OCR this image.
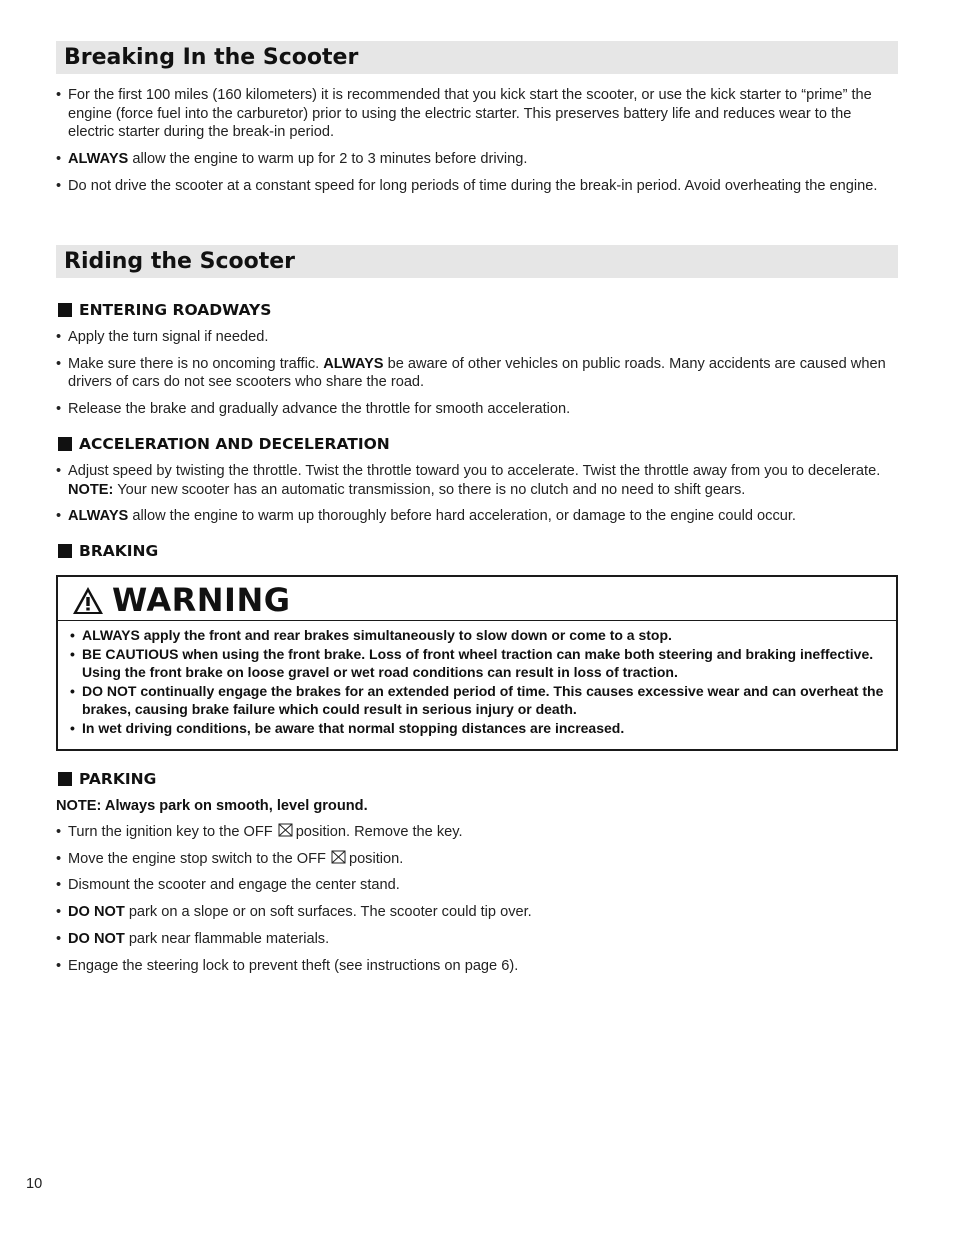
Breaking In the Scooter

• For the first 100 miles (160 kilometers) it is recommended that you kick start the scooter, or use the kick starter to “prime” the engine (force fuel into the carburetor) prior to using the electric starter. This preserves battery life and reduces wear to the electric starter during the break-in period.

• ALWAYS allow the engine to warm up for 2 to 3 minutes before driving.

• Do not drive the scooter at a constant speed for long periods of time during the break-in period. Avoid overheating the engine.

Riding the Scooter
ENTERING ROADWAYS

• Apply the turn signal if needed.

• Make sure there is no oncoming traffic. ALWAYS be aware of other vehicles on public roads. Many accidents are caused when drivers of cars do not see scooters who share the road.

• Release the brake and gradually advance the throttle for smooth acceleration.

ACCELERATION AND DECELERATION

• Adjust speed by twisting the throttle. Twist the throttle toward you to accelerate. Twist the throttle away from you to decelerate. NOTE: Your new scooter has an automatic transmission, so there is no clutch and no need to shift gears.

• ALWAYS allow the engine to warm up thoroughly before hard acceleration, or damage to the engine could occur.

BRAKING
WARNING

• ALWAYS apply the front and rear brakes simultaneously to slow down or come to a stop.

• BE CAUTIOUS when using the front brake. Loss of front wheel traction can make both steering and braking ineffective. Using the front brake on loose gravel or wet road conditions can result in loss of traction.

• DO NOT continually engage the brakes for an extended period of time. This causes excessive wear and can overheat the brakes, causing brake failure which could result in serious injury or death.

• In wet driving conditions, be aware that normal stopping distances are increased.

PARKING
NOTE: Always park on smooth, level ground.

• Turn the ignition key to the OFF position. Remove the key.

• Move the engine stop switch to the OFF position.

• Dismount the scooter and engage the center stand.

• DO NOT park on a slope or on soft surfaces. The scooter could tip over.

• DO NOT park near flammable materials.

• Engage the steering lock to prevent theft (see instructions on page 6).

10
